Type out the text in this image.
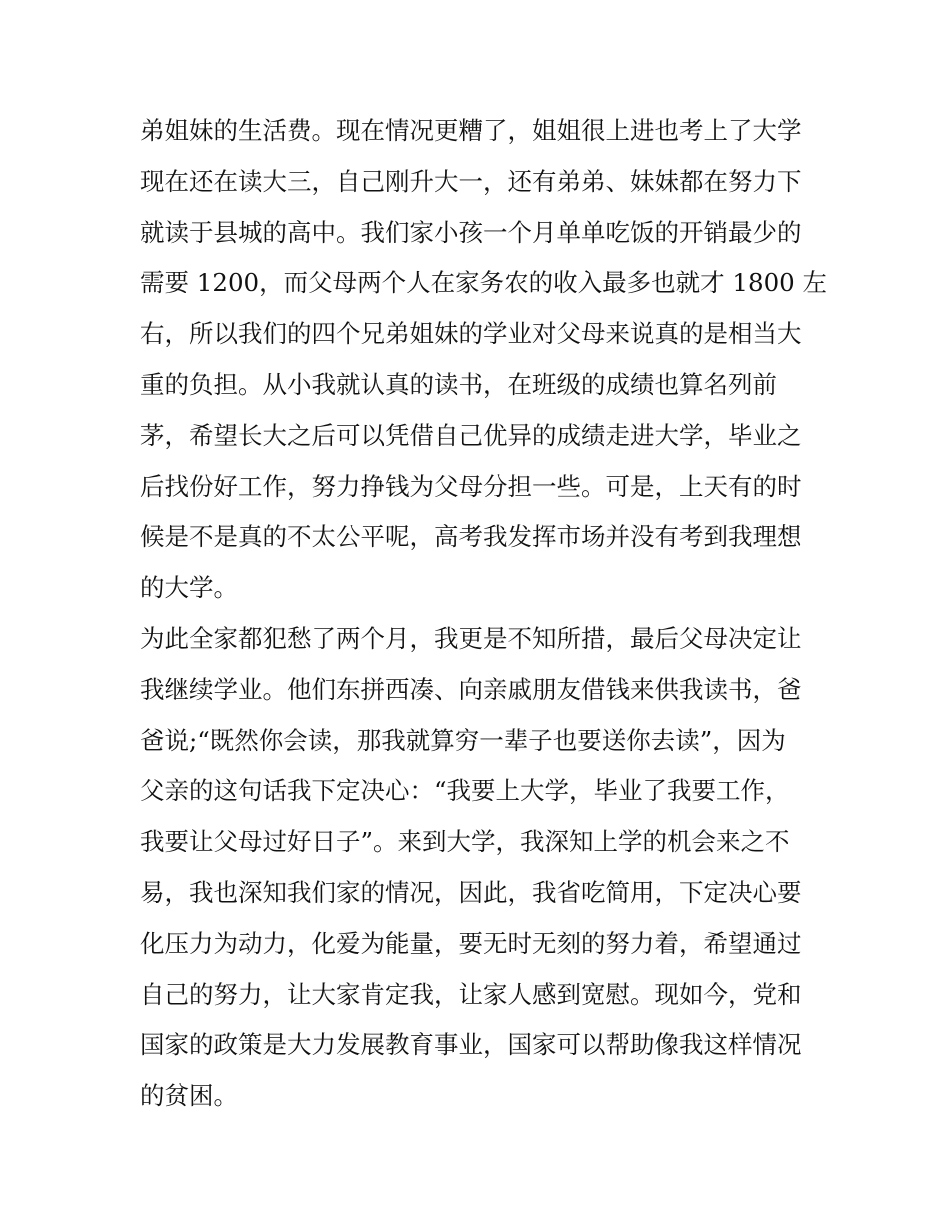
弟姐妹的生活费。现在情况更糟了，姐姐很上进也考上了大学
现在还在读大三，自己刚升大一，还有弟弟、妹妹都在努力下
就读于县城的高中。我们家小孩一个月单单吃饭的开销最少的
需要 1200，而父母两个人在家务农的收入最多也就才 1800 左
右，所以我们的四个兄弟姐妹的学业对父母来说真的是相当大
重的负担。从小我就认真的读书，在班级的成绩也算名列前
茅，希望长大之后可以凭借自己优异的成绩走进大学，毕业之
后找份好工作，努力挣钱为父母分担一些。可是，上天有的时
候是不是真的不太公平呢，高考我发挥市场并没有考到我理想
的大学。
为此全家都犯愁了两个月，我更是不知所措，最后父母决定让
我继续学业。他们东拼西凑、向亲戚朋友借钱来供我读书，爸
爸说;“既然你会读，那我就算穷一辈子也要送你去读”，因为
父亲的这句话我下定决心：“我要上大学，毕业了我要工作，
我要让父母过好日子”。来到大学，我深知上学的机会来之不
易，我也深知我们家的情况，因此，我省吃简用，下定决心要
化压力为动力，化爱为能量，要无时无刻的努力着，希望通过
自己的努力，让大家肯定我，让家人感到宽慰。现如今，党和
国家的政策是大力发展教育事业，国家可以帮助像我这样情况
的贫困。
